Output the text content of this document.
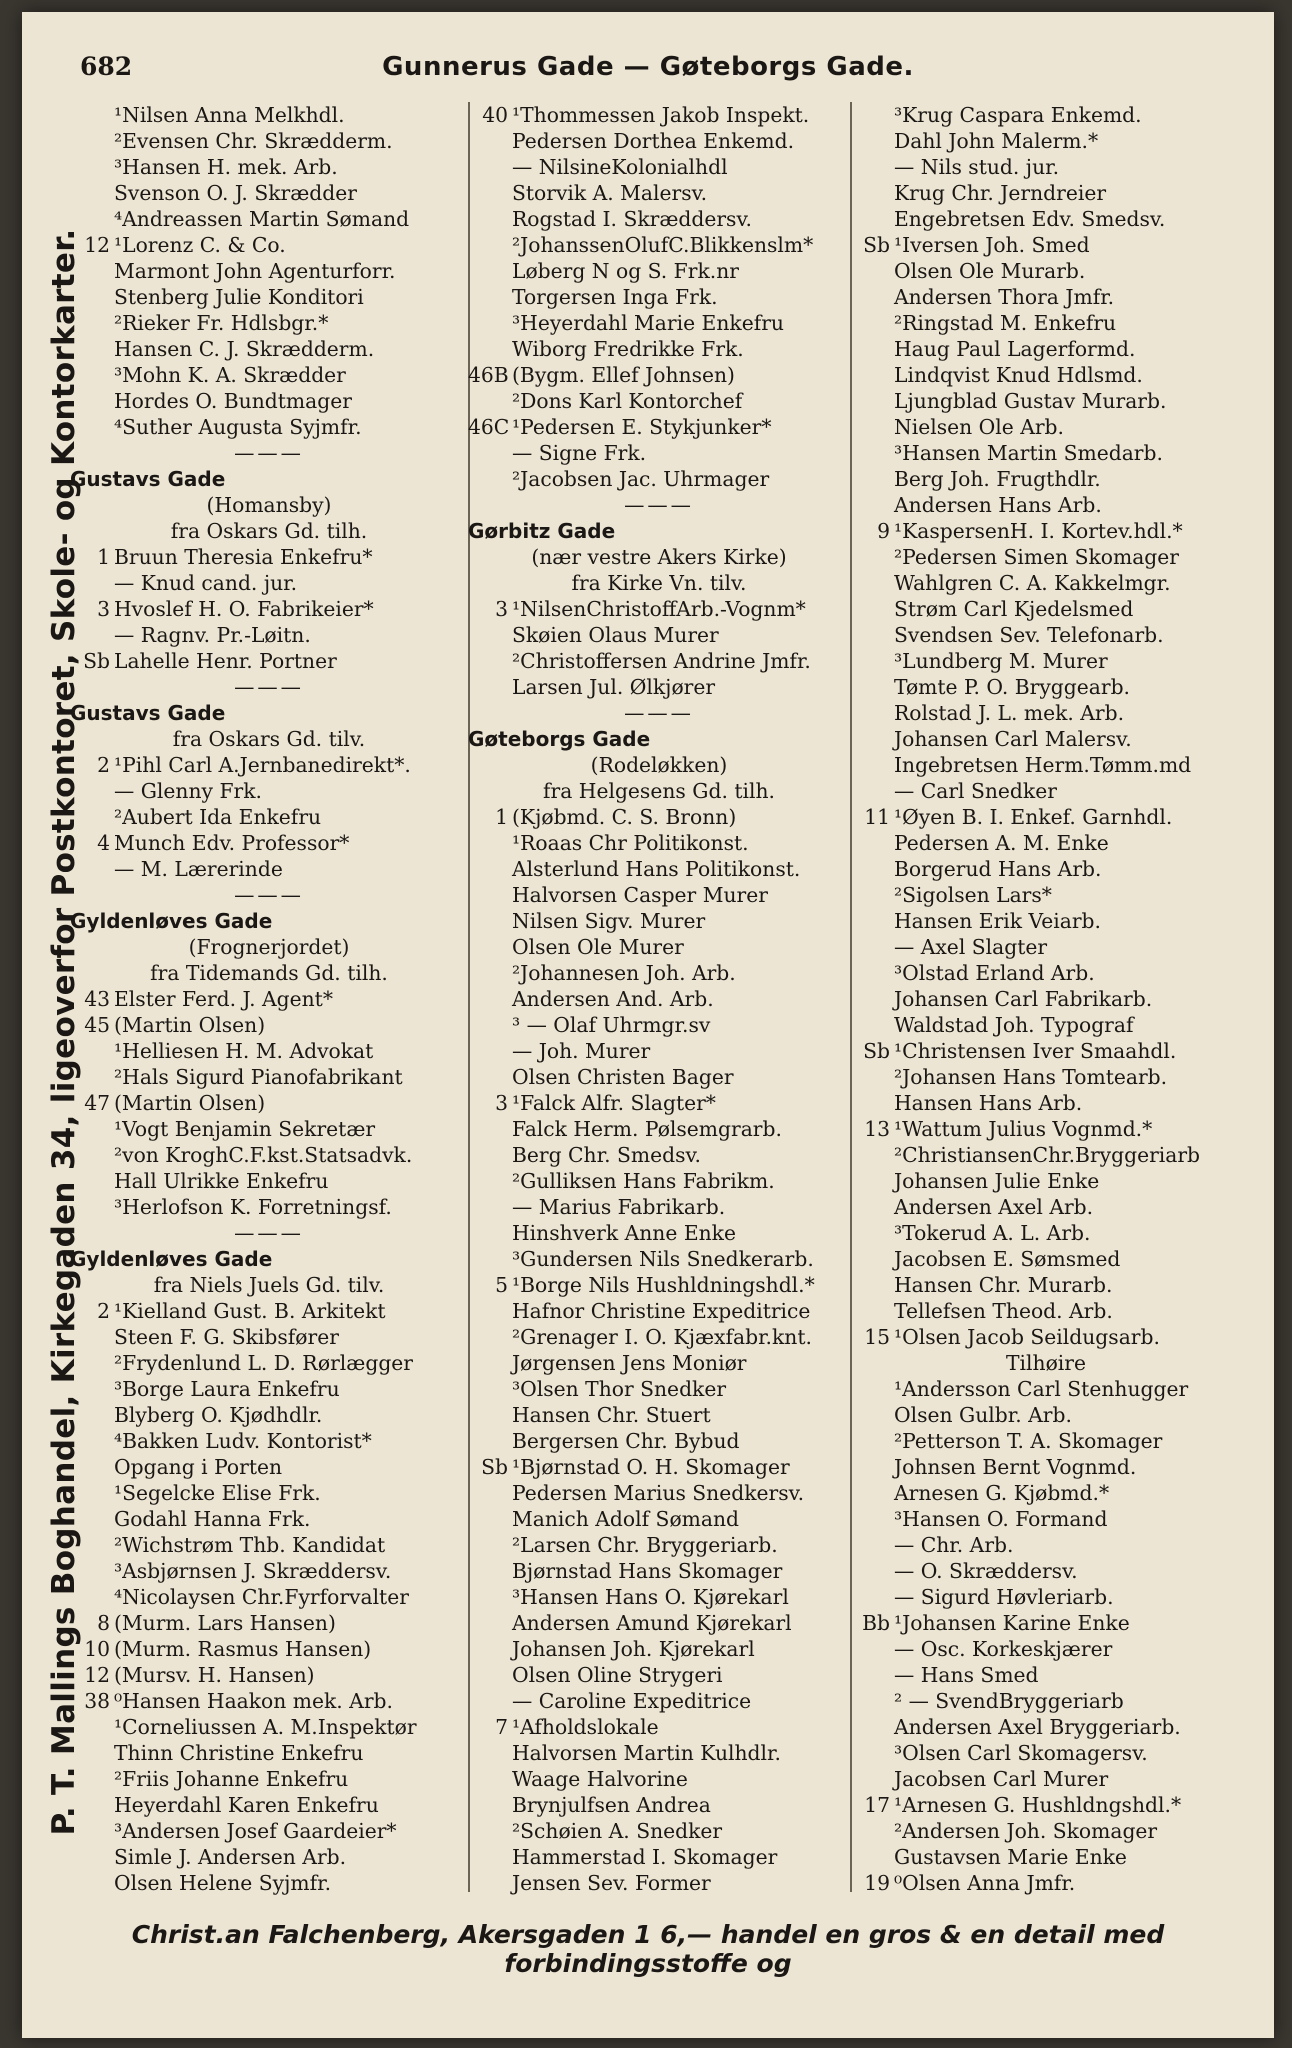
682	Gunnerus Gade — Gøteborgs Gade.
P. T. Mallings Boghandel, Kirkegaden 34, ligeoverfor Postkontoret, Skole- og Kontorkarter.
¹Nilsen Anna Melkhdl.
²Evensen Chr. Skrædderm.
³Hansen H. mek. Arb.
Svenson O. J. Skrædder
⁴Andreassen Martin Sømand
12 ¹Lorenz C. & Co.
Marmont John Agenturforr.
Stenberg Julie Konditori
²Rieker Fr. Hdlsbgr.*
Hansen C. J. Skrædderm.
³Mohn K. A. Skrædder
Hordes O. Bundtmager
⁴Suther Augusta Syjmfr.
———
Gustavs Gade
(Homansby)
fra Oskars Gd. tilh.
1 Bruun Theresia Enkefru*
— Knud cand. jur.
3 Hvoslef H. O. Fabrikeier*
— Ragnv. Pr.-Løitn.
Sb Lahelle Henr. Portner
———
Gustavs Gade
fra Oskars Gd. tilv.
2 ¹Pihl Carl A.Jernbanedirekt*.
— Glenny Frk.
²Aubert Ida Enkefru
4 Munch Edv. Professor*
— M. Lærerinde
———
Gyldenløves Gade
(Frognerjordet)
fra Tidemands Gd. tilh.
43 Elster Ferd. J. Agent*
45 (Martin Olsen)
¹Helliesen H. M. Advokat
²Hals Sigurd Pianofabrikant
47 (Martin Olsen)
¹Vogt Benjamin Sekretær
²von KroghC.F.kst.Statsadvk.
Hall Ulrikke Enkefru
³Herlofson K. Forretningsf.
———
Gyldenløves Gade
fra Niels Juels Gd. tilv.
2 ¹Kielland Gust. B. Arkitekt
Steen F. G. Skibsfører
²Frydenlund L. D. Rørlægger
³Borge Laura Enkefru
Blyberg O. Kjødhdlr.
⁴Bakken Ludv. Kontorist*
Opgang i Porten
¹Segelcke Elise Frk.
Godahl Hanna Frk.
²Wichstrøm Thb. Kandidat
³Asbjørnsen J. Skræddersv.
⁴Nicolaysen Chr.Fyrforvalter
8 (Murm. Lars Hansen)
10 (Murm. Rasmus Hansen)
12 (Mursv. H. Hansen)
38 ⁰Hansen Haakon mek. Arb.
¹Corneliussen A. M.Inspektør
Thinn Christine Enkefru
²Friis Johanne Enkefru
Heyerdahl Karen Enkefru
³Andersen Josef Gaardeier*
Simle J. Andersen Arb.
Olsen Helene Syjmfr.
40 ¹Thommessen Jakob Inspekt.
Pedersen Dorthea Enkemd.
— NilsineKolonialhdl
Storvik A. Malersv.
Rogstad I. Skræddersv.
²JohanssenOlufC.Blikkenslm*
Løberg N og S. Frk.nr
Torgersen Inga Frk.
³Heyerdahl Marie Enkefru
Wiborg Fredrikke Frk.
46B (Bygm. Ellef Johnsen)
²Dons Karl Kontorchef
46C ¹Pedersen E. Stykjunker*
— Signe Frk.
²Jacobsen Jac. Uhrmager
———
Gørbitz Gade
(nær vestre Akers Kirke)
fra Kirke Vn. tilv.
3 ¹NilsenChristoffArb.-Vognm*
Skøien Olaus Murer
²Christoffersen Andrine Jmfr.
Larsen Jul. Ølkjører
———
Gøteborgs Gade
(Rodeløkken)
fra Helgesens Gd. tilh.
1 (Kjøbmd. C. S. Bronn)
¹Roaas Chr Politikonst.
Alsterlund Hans Politikonst.
Halvorsen Casper Murer
Nilsen Sigv. Murer
Olsen Ole Murer
²Johannesen Joh. Arb.
Andersen And. Arb.
³ — Olaf Uhrmgr.sv
— Joh. Murer
Olsen Christen Bager
3 ¹Falck Alfr. Slagter*
Falck Herm. Pølsemgrarb.
Berg Chr. Smedsv.
²Gulliksen Hans Fabrikm.
— Marius Fabrikarb.
Hinshverk Anne Enke
³Gundersen Nils Snedkerarb.
5 ¹Borge Nils Hushldningshdl.*
Hafnor Christine Expeditrice
²Grenager I. O. Kjæxfabr.knt.
Jørgensen Jens Moniør
³Olsen Thor Snedker
Hansen Chr. Stuert
Bergersen Chr. Bybud
Sb ¹Bjørnstad O. H. Skomager
Pedersen Marius Snedkersv.
Manich Adolf Sømand
²Larsen Chr. Bryggeriarb.
Bjørnstad Hans Skomager
³Hansen Hans O. Kjørekarl
Andersen Amund Kjørekarl
Johansen Joh. Kjørekarl
Olsen Oline Strygeri
— Caroline Expeditrice
7 ¹Afholdslokale
Halvorsen Martin Kulhdlr.
Waage Halvorine
Brynjulfsen Andrea
²Schøien A. Snedker
Hammerstad I. Skomager
Jensen Sev. Former
³Krug Caspara Enkemd.
Dahl John Malerm.*
— Nils stud. jur.
Krug Chr. Jerndreier
Engebretsen Edv. Smedsv.
Sb ¹Iversen Joh. Smed
Olsen Ole Murarb.
Andersen Thora Jmfr.
²Ringstad M. Enkefru
Haug Paul Lagerformd.
Lindqvist Knud Hdlsmd.
Ljungblad Gustav Murarb.
Nielsen Ole Arb.
³Hansen Martin Smedarb.
Berg Joh. Frugthdlr.
Andersen Hans Arb.
9 ¹KaspersenH. I. Kortev.hdl.*
²Pedersen Simen Skomager
Wahlgren C. A. Kakkelmgr.
Strøm Carl Kjedelsmed
Svendsen Sev. Telefonarb.
³Lundberg M. Murer
Tømte P. O. Bryggearb.
Rolstad J. L. mek. Arb.
Johansen Carl Malersv.
Ingebretsen Herm.Tømm.md
— Carl Snedker
11 ¹Øyen B. I. Enkef. Garnhdl.
Pedersen A. M. Enke
Borgerud Hans Arb.
²Sigolsen Lars*
Hansen Erik Veiarb.
— Axel Slagter
³Olstad Erland Arb.
Johansen Carl Fabrikarb.
Waldstad Joh. Typograf
Sb ¹Christensen Iver Smaahdl.
²Johansen Hans Tomtearb.
Hansen Hans Arb.
13 ¹Wattum Julius Vognmd.*
²ChristiansenChr.Bryggeriarb
Johansen Julie Enke
Andersen Axel Arb.
³Tokerud A. L. Arb.
Jacobsen E. Sømsmed
Hansen Chr. Murarb.
Tellefsen Theod. Arb.
15 ¹Olsen Jacob Seildugsarb.
Tilhøire
¹Andersson Carl Stenhugger
Olsen Gulbr. Arb.
²Petterson T. A. Skomager
Johnsen Bernt Vognmd.
Arnesen G. Kjøbmd.*
³Hansen O. Formand
— Chr. Arb.
— O. Skræddersv.
— Sigurd Høvleriarb.
Bb ¹Johansen Karine Enke
— Osc. Korkeskjærer
— Hans Smed
² — SvendBryggeriarb
Andersen Axel Bryggeriarb.
³Olsen Carl Skomagersv.
Jacobsen Carl Murer
17 ¹Arnesen G. Hushldngshdl.*
²Andersen Joh. Skomager
Gustavsen Marie Enke
19 ⁰Olsen Anna Jmfr.
Christ.an Falchenberg, Akersgaden 1 6,— handel en gros & en detail med forbindingsstoffe og
